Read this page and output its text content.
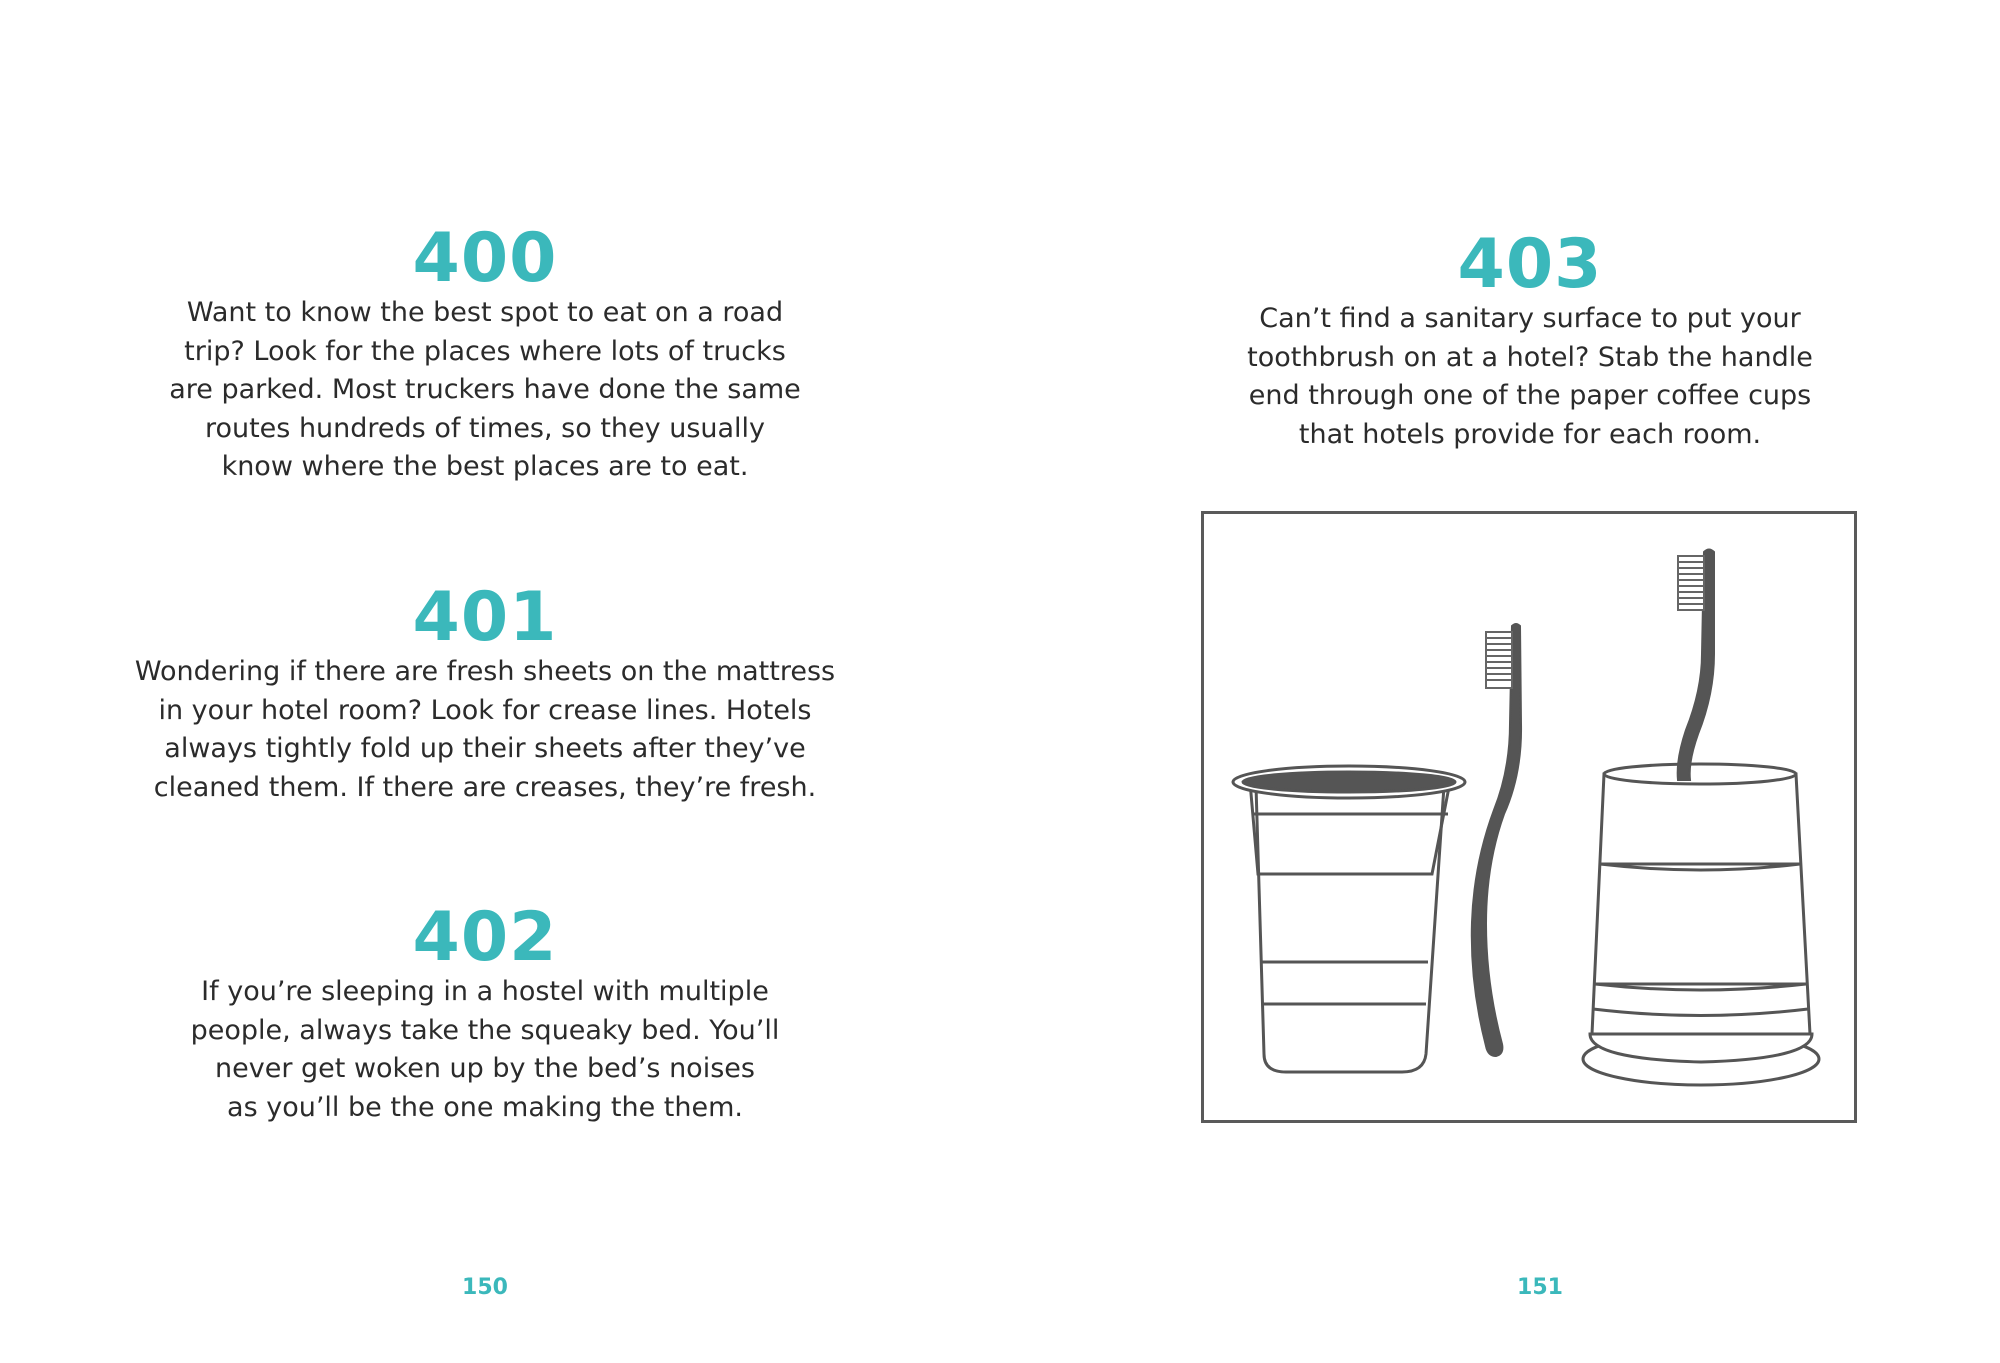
400

Want to know the best spot to eat on a road
trip? Look for the places where lots of trucks
are parked. Most truckers have done the same
routes hundreds of times, so they usually
know where the best places are to eat.

401

Wondering if there are fresh sheets on the mattress
in your hotel room? Look for crease lines. Hotels
always tightly fold up their sheets after they’ve
cleaned them. If there are creases, they’re fresh.

402

If you’re sleeping in a hostel with multiple
people, always take the squeaky bed. You’ll
never get woken up by the bed’s noises
as you’ll be the one making the them.

150

403

Can’t find a sanitary surface to put your
toothbrush on at a hotel? Stab the handle
end through one of the paper coffee cups
that hotels provide for each room.

151
